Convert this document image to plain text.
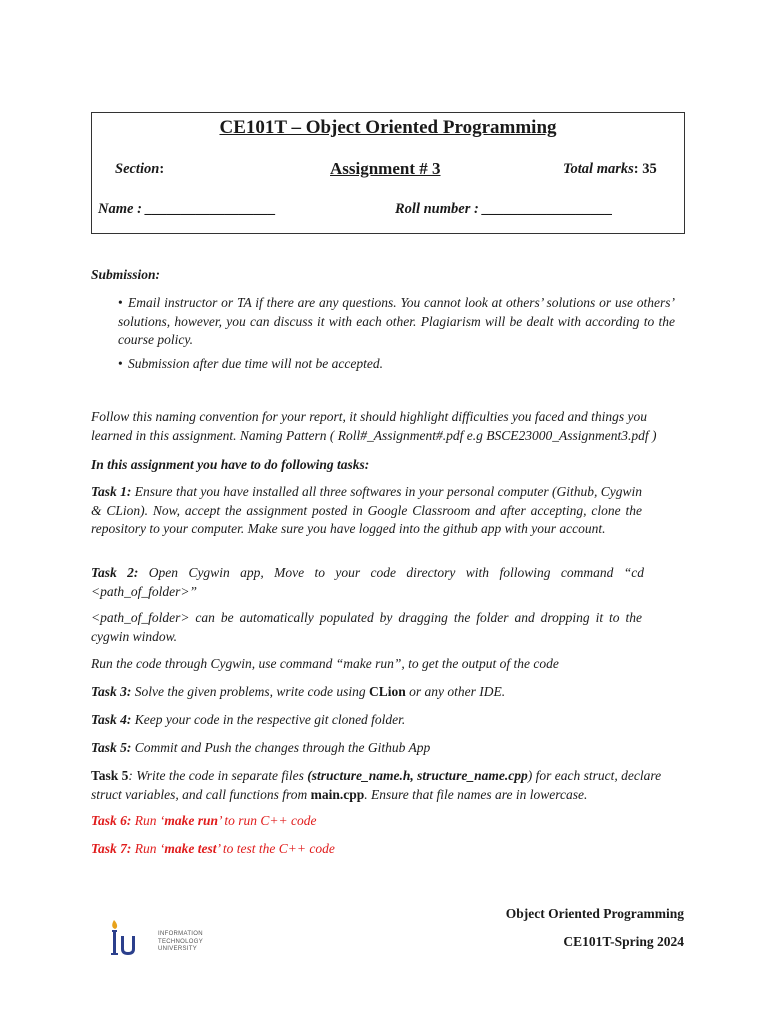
CE101T – Object Oriented Programming
Section:	Assignment # 3	Total marks: 35
Name : __________________	Roll number : __________________
Submission:
• Email instructor or TA if there are any questions. You cannot look at others’ solutions or use others’ solutions, however, you can discuss it with each other. Plagiarism will be dealt with according to the course policy.
• Submission after due time will not be accepted.
Follow this naming convention for your report, it should highlight difficulties you faced and things you learned in this assignment. Naming Pattern ( Roll#_Assignment#.pdf e.g BSCE23000_Assignment3.pdf )
In this assignment you have to do following tasks:
Task 1: Ensure that you have installed all three softwares in your personal computer (Github, Cygwin & CLion). Now, accept the assignment posted in Google Classroom and after accepting, clone the repository to your computer. Make sure you have logged into the github app with your account.
Task 2: Open Cygwin app, Move to your code directory with following command “cd <path_of_folder>”
<path_of_folder> can be automatically populated by dragging the folder and dropping it to the cygwin window.
Run the code through Cygwin, use command “make run”, to get the output of the code
Task 3: Solve the given problems, write code using CLion or any other IDE.
Task 4: Keep your code in the respective git cloned folder.
Task 5: Commit and Push the changes through the Github App
Task 5: Write the code in separate files (structure_name.h, structure_name.cpp) for each struct, declare struct variables, and call functions from main.cpp. Ensure that file names are in lowercase.
Task 6: Run ‘make run’ to run C++ code
Task 7: Run ‘make test’ to test the C++ code
INFORMATION
TECHNOLOGY
UNIVERSITY
Object Oriented Programming
CE101T-Spring 2024
